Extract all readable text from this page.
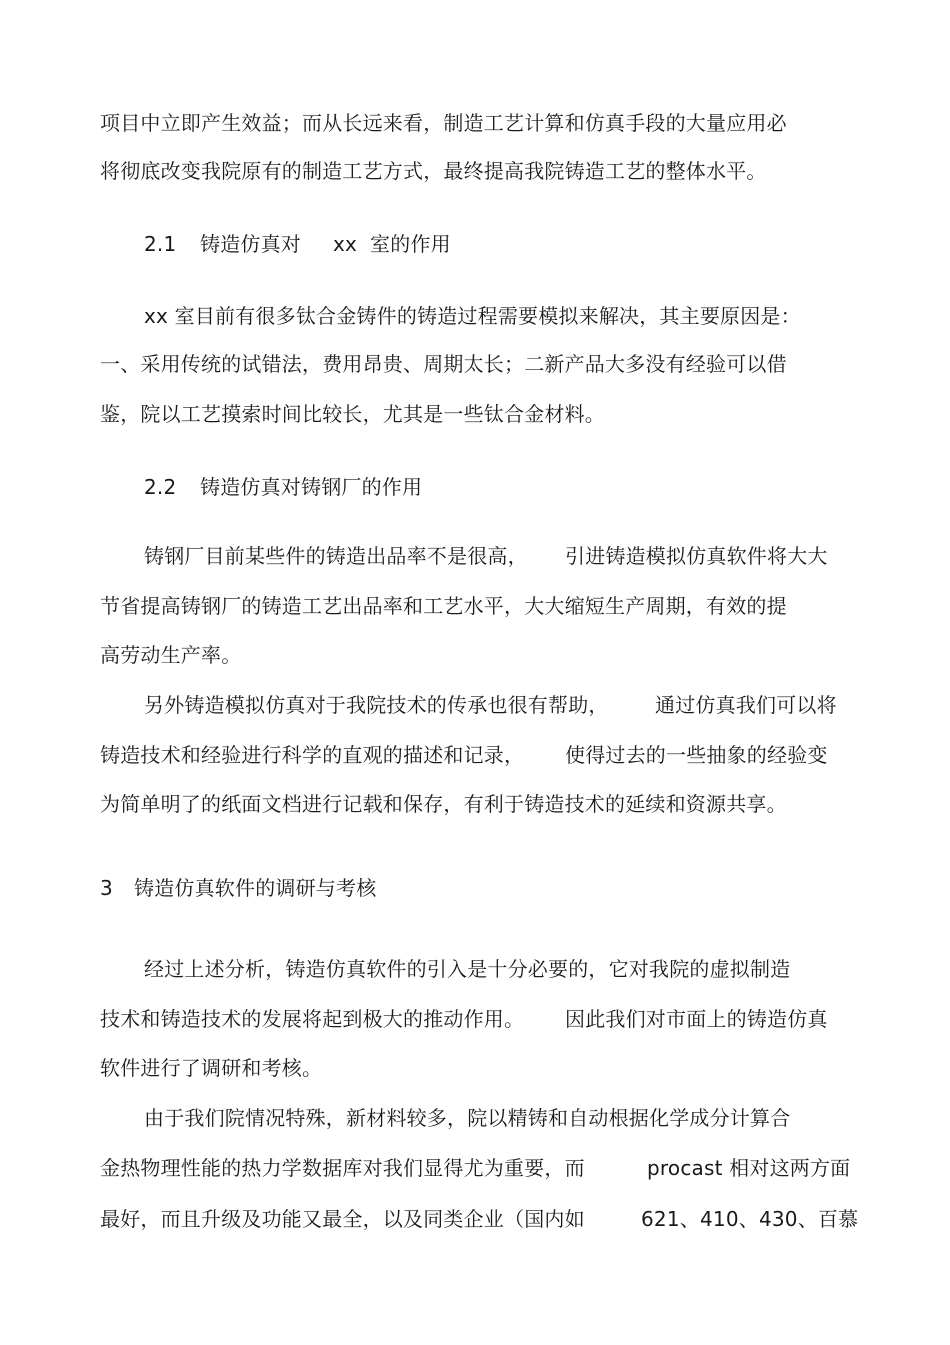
项目中立即产生效益；而从长远来看，制造工艺计算和仿真手段的大量应用必
将彻底改变我院原有的制造工艺方式，最终提高我院铸造工艺的整体水平。
2.1 铸造仿真对 xx 室的作用
xx 室目前有很多钛合金铸件的铸造过程需要模拟来解决，其主要原因是：
一、采用传统的试错法，费用昂贵、周期太长；二新产品大多没有经验可以借
鉴，院以工艺摸索时间比较长，尤其是一些钛合金材料。
2.2 铸造仿真对铸钢厂的作用
铸钢厂目前某些件的铸造出品率不是很高， 引进铸造模拟仿真软件将大大
节省提高铸钢厂的铸造工艺出品率和工艺水平，大大缩短生产周期，有效的提
高劳动生产率。
另外铸造模拟仿真对于我院技术的传承也很有帮助， 通过仿真我们可以将
铸造技术和经验进行科学的直观的描述和记录， 使得过去的一些抽象的经验变
为简单明了的纸面文档进行记载和保存，有利于铸造技术的延续和资源共享。
3 铸造仿真软件的调研与考核
经过上述分析，铸造仿真软件的引入是十分必要的，它对我院的虚拟制造
技术和铸造技术的发展将起到极大的推动作用。 因此我们对市面上的铸造仿真
软件进行了调研和考核。
由于我们院情况特殊，新材料较多，院以精铸和自动根据化学成分计算合
金热物理性能的热力学数据库对我们显得尤为重要，而	procast 相对这两方面
最好，而且升级及功能又最全，以及同类企业（国内如	621、410、430、百慕
